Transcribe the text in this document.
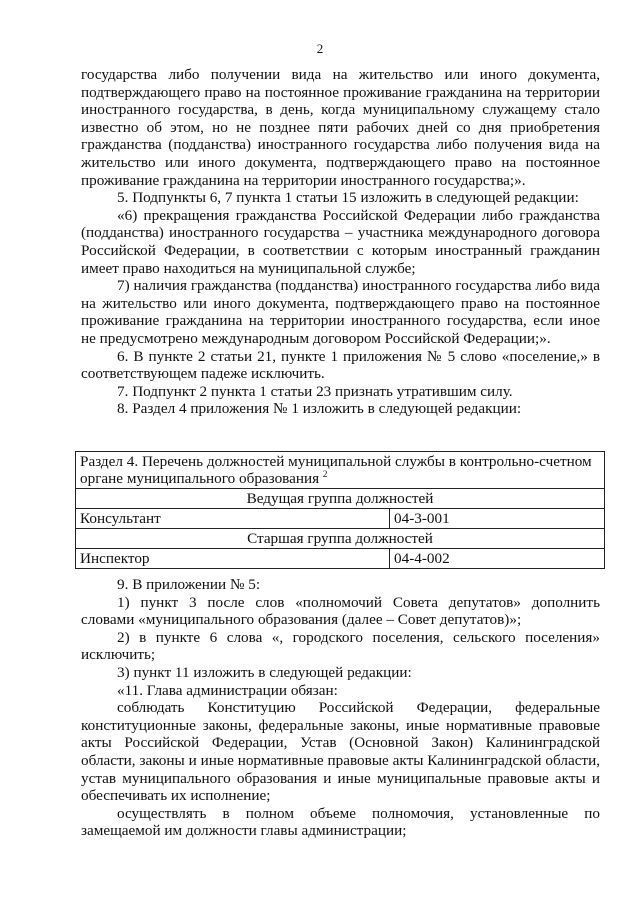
2

государства либо получении вида на жительство или иного документа, подтверждающего право на постоянное проживание гражданина на территории иностранного государства, в день, когда муниципальному служащему стало известно об этом, но не позднее пяти рабочих дней со дня приобретения гражданства (подданства) иностранного государства либо получения вида на жительство или иного документа, подтверждающего право на постоянное проживание гражданина на территории иностранного государства;».

5. Подпункты 6, 7 пункта 1 статьи 15 изложить в следующей редакции:

«6) прекращения гражданства Российской Федерации либо гражданства (подданства) иностранного государства – участника международного договора Российской Федерации, в соответствии с которым иностранный гражданин имеет право находиться на муниципальной службе;

7) наличия гражданства (подданства) иностранного государства либо вида на жительство или иного документа, подтверждающего право на постоянное проживание гражданина на территории иностранного государства, если иное не предусмотрено международным договором Российской Федерации;».

6. В пункте 2 статьи 21, пункте 1 приложения № 5 слово «поселение,» в соответствующем падеже исключить.

7. Подпункт 2 пункта 1 статьи 23 признать утратившим силу.

8. Раздел 4 приложения № 1 изложить в следующей редакции:

Раздел 4. Перечень должностей муниципальной службы в контрольно-счетном органе муниципального образования $^2$
Ведущая группа должностей	
Консультант	04-3-001
Старшая группа должностей	
Инспектор	04-4-002

9. В приложении № 5:

1) пункт 3 после слов «полномочий Совета депутатов» дополнить словами «муниципального образования (далее – Совет депутатов)»;

2) в пункте 6 слова «, городского поселения, сельского поселения» исключить;

3) пункт 11 изложить в следующей редакции:

«11. Глава администрации обязан:

соблюдать Конституцию Российской Федерации, федеральные конституционные законы, федеральные законы, иные нормативные правовые акты Российской Федерации, Устав (Основной Закон) Калининградской области, законы и иные нормативные правовые акты Калининградской области, устав муниципального образования и иные муниципальные правовые акты и обеспечивать их исполнение;

осуществлять в полном объеме полномочия, установленные по замещаемой им должности главы администрации;
